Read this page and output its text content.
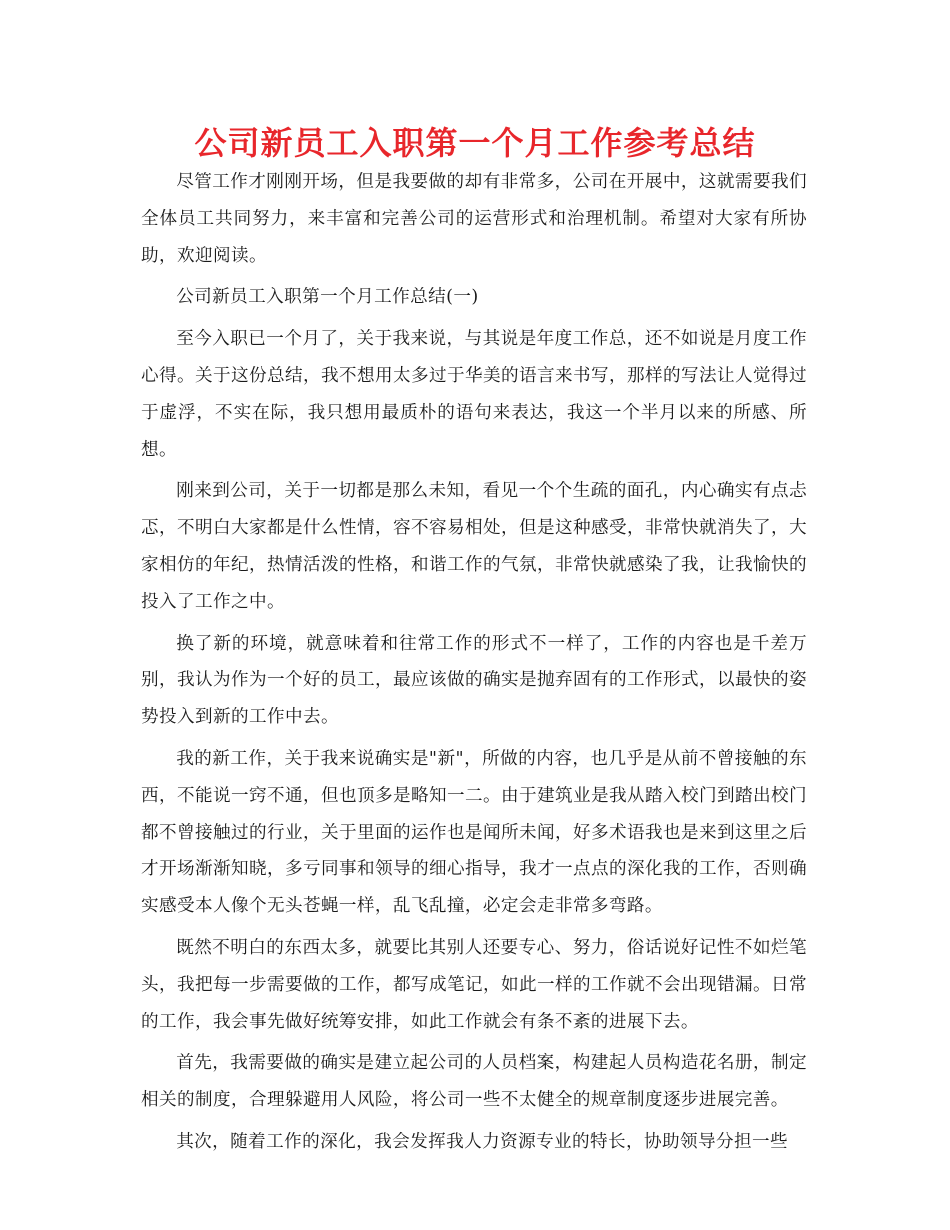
公司新员工入职第一个月工作参考总结

尽管工作才刚刚开场，但是我要做的却有非常多，公司在开展中，这就需要我们全体员工共同努力，来丰富和完善公司的运营形式和治理机制。希望对大家有所协助，欢迎阅读。

公司新员工入职第一个月工作总结(一)

至今入职已一个月了，关于我来说，与其说是年度工作总，还不如说是月度工作心得。关于这份总结，我不想用太多过于华美的语言来书写，那样的写法让人觉得过于虚浮，不实在际，我只想用最质朴的语句来表达，我这一个半月以来的所感、所想。

刚来到公司，关于一切都是那么未知，看见一个个生疏的面孔，内心确实有点忐忑，不明白大家都是什么性情，容不容易相处，但是这种感受，非常快就消失了，大家相仿的年纪，热情活泼的性格，和谐工作的气氛，非常快就感染了我，让我愉快的投入了工作之中。

换了新的环境，就意味着和往常工作的形式不一样了，工作的内容也是千差万别，我认为作为一个好的员工，最应该做的确实是抛弃固有的工作形式，以最快的姿势投入到新的工作中去。

我的新工作，关于我来说确实是"新"，所做的内容，也几乎是从前不曾接触的东西，不能说一窍不通，但也顶多是略知一二。由于建筑业是我从踏入校门到踏出校门都不曾接触过的行业，关于里面的运作也是闻所未闻，好多术语我也是来到这里之后才开场渐渐知晓，多亏同事和领导的细心指导，我才一点点的深化我的工作，否则确实感受本人像个无头苍蝇一样，乱飞乱撞，必定会走非常多弯路。

既然不明白的东西太多，就要比其别人还要专心、努力，俗话说好记性不如烂笔头，我把每一步需要做的工作，都写成笔记，如此一样的工作就不会出现错漏。日常的工作，我会事先做好统筹安排，如此工作就会有条不紊的进展下去。

首先，我需要做的确实是建立起公司的人员档案，构建起人员构造花名册，制定相关的制度，合理躲避用人风险，将公司一些不太健全的规章制度逐步进展完善。

其次，随着工作的深化，我会发挥我人力资源专业的特长，协助领导分担一些
